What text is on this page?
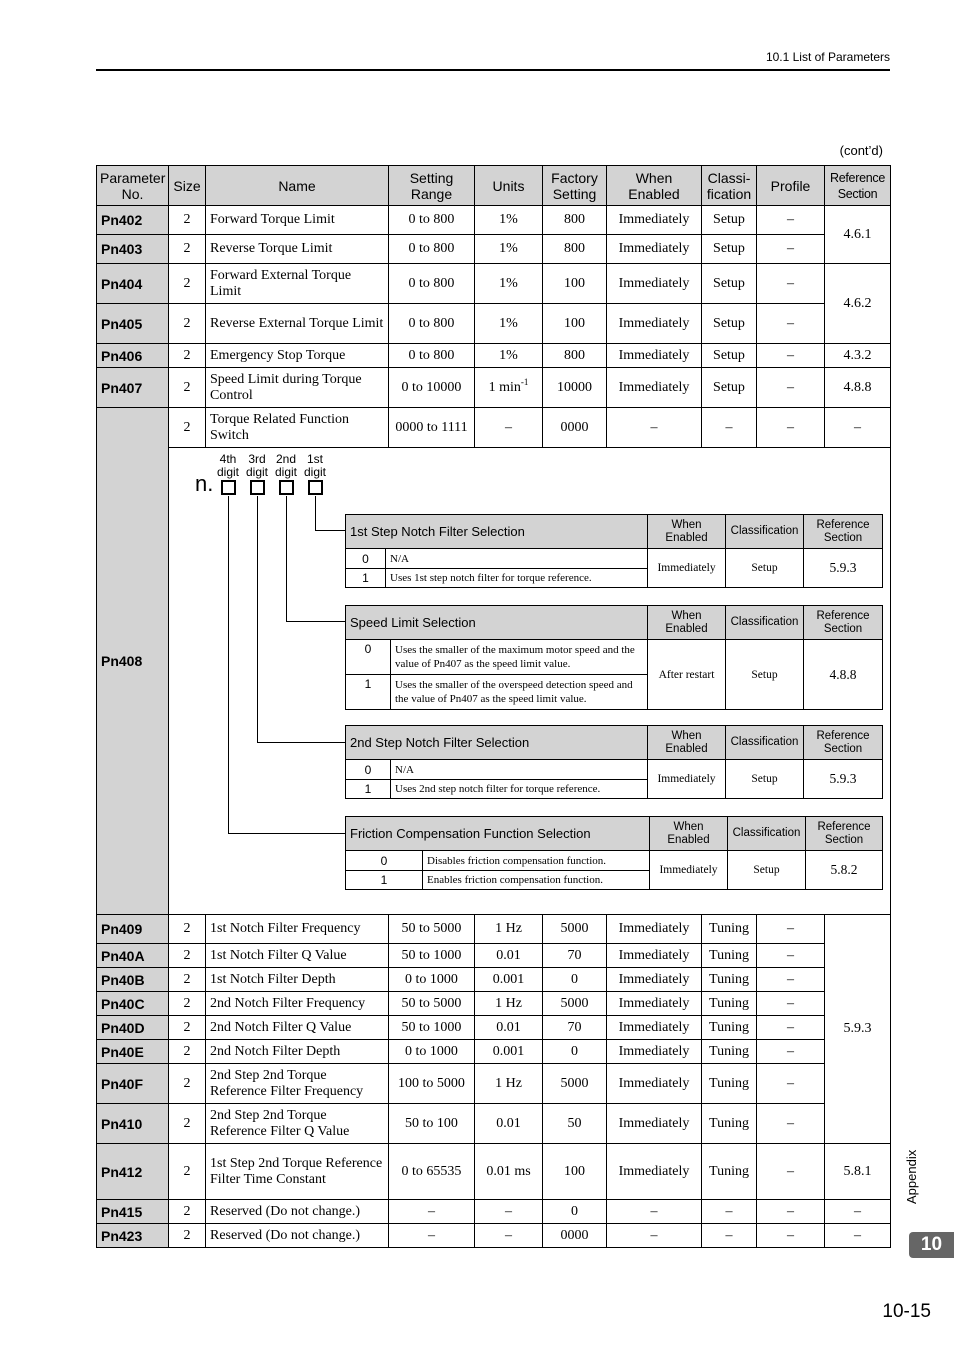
10.1 List of Parameters
(cont’d)
Parameter No.	Size	Name	Setting Range	Units	Factory Setting	When Enabled	Classi-fication	Profile	Reference Section
Pn402	2	Forward Torque Limit	0 to 800	1%	800	Immediately	Setup	–	4.6.1
Pn403	2	Reverse Torque Limit	0 to 800	1%	800	Immediately	Setup	–
Pn404	2	Forward External Torque Limit	0 to 800	1%	100	Immediately	Setup	–	4.6.2
Pn405	2	Reverse External Torque Limit	0 to 800	1%	100	Immediately	Setup	–
Pn406	2	Emergency Stop Torque	0 to 800	1%	800	Immediately	Setup	–	4.3.2
Pn407	2	Speed Limit during Torque Control	0 to 10000	1 $\min^{-1}$	10000	Immediately	Setup	–	4.8.8
Pn408	2	Torque Related Function Switch	0000 to 1111	–	0000	–	–	–	–

4th digit
3rd digit
2nd digit
1st digit
n.
1st Step Notch Filter Selection	When Enabled	Classification	Reference Section
0	N/A	Immediately	Setup	5.9.3
1	Uses 1st step notch filter for torque reference.
Speed Limit Selection	When Enabled	Classification	Reference Section
0	Uses the smaller of the maximum motor speed and the value of Pn407 as the speed limit value.	After restart	Setup	4.8.8
1	Uses the smaller of the overspeed detection speed and the value of Pn407 as the speed limit value.
2nd Step Notch Filter Selection	When Enabled	Classification	Reference Section
0	N/A	Immediately	Setup	5.9.3
1	Uses 2nd step notch filter for torque reference.
Friction Compensation Function Selection	When Enabled	Classification	Reference Section
0	Disables friction compensation function.	Immediately	Setup	5.8.2
1	Enables friction compensation function.

Pn409	2	1st Notch Filter Frequency	50 to 5000	1 Hz	5000	Immediately	Tuning	–	5.9.3
Pn40A	2	1st Notch Filter Q Value	50 to 1000	0.01	70	Immediately	Tuning	–
Pn40B	2	1st Notch Filter Depth	0 to 1000	0.001	0	Immediately	Tuning	–
Pn40C	2	2nd Notch Filter Frequency	50 to 5000	1 Hz	5000	Immediately	Tuning	–
Pn40D	2	2nd Notch Filter Q Value	50 to 1000	0.01	70	Immediately	Tuning	–
Pn40E	2	2nd Notch Filter Depth	0 to 1000	0.001	0	Immediately	Tuning	–
Pn40F	2	2nd Step 2nd Torque Reference Filter Frequency	100 to 5000	1 Hz	5000	Immediately	Tuning	–
Pn410	2	2nd Step 2nd Torque Reference Filter Q Value	50 to 100	0.01	50	Immediately	Tuning	–
Pn412	2	1st Step 2nd Torque Reference Filter Time Constant	0 to 65535	0.01 ms	100	Immediately	Tuning	–	5.8.1
Pn415	2	Reserved (Do not change.)	–	–	0	–	–	–	–
Pn423	2	Reserved (Do not change.)	–	–	0000	–	–	–	–
Appendix
10
10-15
